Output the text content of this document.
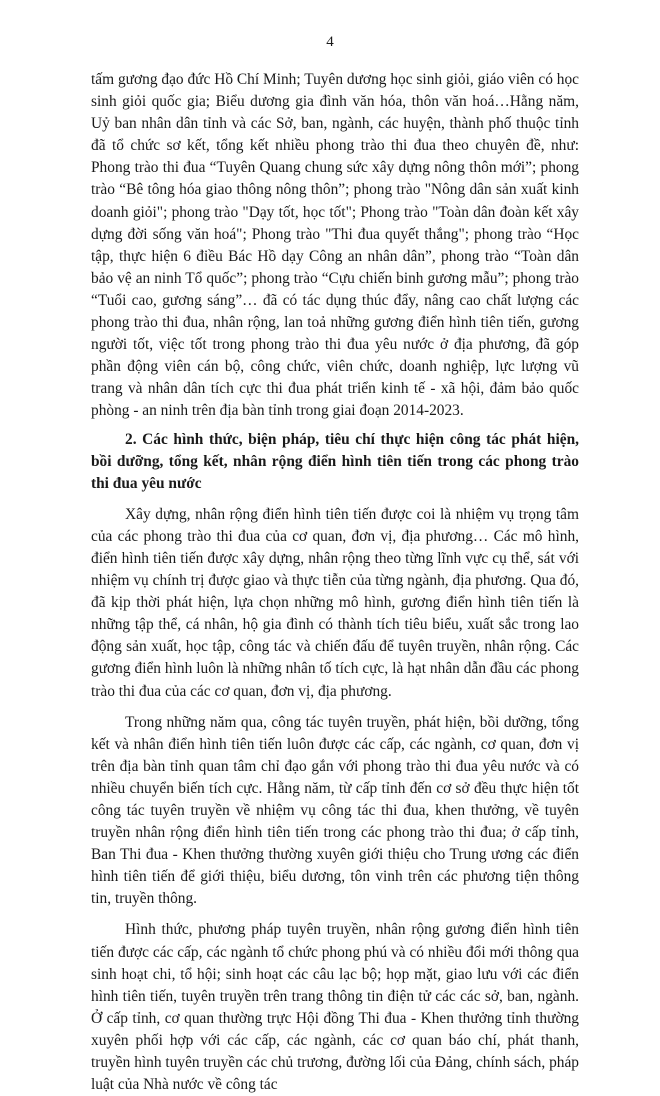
4

tấm gương đạo đức Hồ Chí Minh; Tuyên dương học sinh giỏi, giáo viên có học sinh giỏi quốc gia; Biểu dương gia đình văn hóa, thôn văn hoá…Hằng năm, Uỷ ban nhân dân tỉnh và các Sở, ban, ngành, các huyện, thành phố thuộc tỉnh đã tổ chức sơ kết, tổng kết nhiều phong trào thi đua theo chuyên đề, như: Phong trào thi đua “Tuyên Quang chung sức xây dựng nông thôn mới”; phong trào “Bê tông hóa giao thông nông thôn”; phong trào "Nông dân sản xuất kinh doanh giỏi"; phong trào "Dạy tốt, học tốt"; Phong trào "Toàn dân đoàn kết xây dựng đời sống văn hoá"; Phong trào "Thi đua quyết thắng"; phong trào “Học tập, thực hiện 6 điều Bác Hồ dạy Công an nhân dân”, phong trào “Toàn dân bảo vệ an ninh Tổ quốc”; phong trào “Cựu chiến binh gương mẫu”; phong trào “Tuổi cao, gương sáng”… đã có tác dụng thúc đẩy, nâng cao chất lượng các phong trào thi đua, nhân rộng, lan toả những gương điển hình tiên tiến, gương người tốt, việc tốt trong phong trào thi đua yêu nước ở địa phương, đã góp phần động viên cán bộ, công chức, viên chức, doanh nghiệp, lực lượng vũ trang và nhân dân tích cực thi đua phát triển kinh tế - xã hội, đảm bảo quốc phòng - an ninh trên địa bàn tỉnh trong giai đoạn 2014-2023.

2. Các hình thức, biện pháp, tiêu chí thực hiện công tác phát hiện, bồi dưỡng, tổng kết, nhân rộng điển hình tiên tiến trong các phong trào thi đua yêu nước

Xây dựng, nhân rộng điển hình tiên tiến được coi là nhiệm vụ trọng tâm của các phong trào thi đua của cơ quan, đơn vị, địa phương… Các mô hình, điển hình tiên tiến được xây dựng, nhân rộng theo từng lĩnh vực cụ thể, sát với nhiệm vụ chính trị được giao và thực tiễn của từng ngành, địa phương. Qua đó, đã kịp thời phát hiện, lựa chọn những mô hình, gương điển hình tiên tiến là những tập thể, cá nhân, hộ gia đình có thành tích tiêu biểu, xuất sắc trong lao động sản xuất, học tập, công tác và chiến đấu để tuyên truyền, nhân rộng. Các gương điển hình luôn là những nhân tố tích cực, là hạt nhân dẫn đầu các phong trào thi đua của các cơ quan, đơn vị, địa phương.

Trong những năm qua, công tác tuyên truyền, phát hiện, bồi dưỡng, tổng kết và nhân điển hình tiên tiến luôn được các cấp, các ngành, cơ quan, đơn vị trên địa bàn tỉnh quan tâm chỉ đạo gắn với phong trào thi đua yêu nước và có nhiều chuyển biến tích cực. Hằng năm, từ cấp tỉnh đến cơ sở đều thực hiện tốt công tác tuyên truyền về nhiệm vụ công tác thi đua, khen thưởng, về tuyên truyền nhân rộng điển hình tiên tiến trong các phong trào thi đua; ở cấp tỉnh, Ban Thi đua - Khen thưởng thường xuyên giới thiệu cho Trung ương các điển hình tiên tiến để giới thiệu, biểu dương, tôn vinh trên các phương tiện thông tin, truyền thông.

Hình thức, phương pháp tuyên truyền, nhân rộng gương điển hình tiên tiến được các cấp, các ngành tổ chức phong phú và có nhiều đổi mới thông qua sinh hoạt chi, tổ hội; sinh hoạt các câu lạc bộ; họp mặt, giao lưu với các điển hình tiên tiến, tuyên truyền trên trang thông tin điện tử các các sở, ban, ngành. Ở cấp tỉnh, cơ quan thường trực Hội đồng Thi đua - Khen thưởng tỉnh thường xuyên phối hợp với các cấp, các ngành, các cơ quan báo chí, phát thanh, truyền hình tuyên truyền các chủ trương, đường lối của Đảng, chính sách, pháp luật của Nhà nước về công tác
